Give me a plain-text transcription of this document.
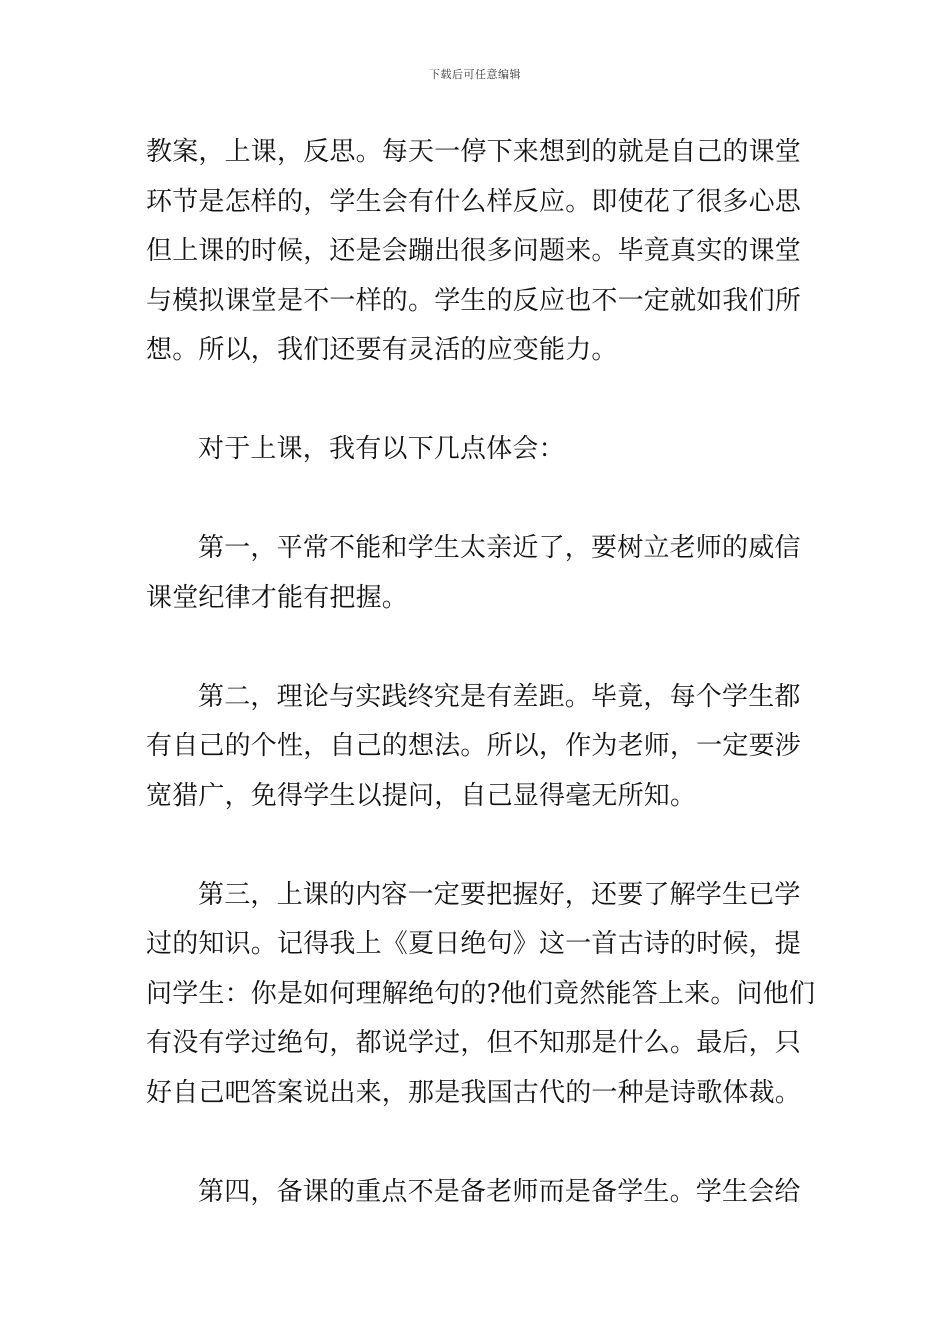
下载后可任意编辑
教案，上课，反思。每天一停下来想到的就是自己的课堂
环节是怎样的，学生会有什么样反应。即使花了很多心思
但上课的时候，还是会蹦出很多问题来。毕竟真实的课堂
与模拟课堂是不一样的。学生的反应也不一定就如我们所
想。所以，我们还要有灵活的应变能力。
对于上课，我有以下几点体会：
第一，平常不能和学生太亲近了，要树立老师的威信
课堂纪律才能有把握。
第二，理论与实践终究是有差距。毕竟，每个学生都
有自己的个性，自己的想法。所以，作为老师，一定要涉
宽猎广，免得学生以提问，自己显得毫无所知。
第三，上课的内容一定要把握好，还要了解学生已学
过的知识。记得我上《夏日绝句》这一首古诗的时候，提
问学生：你是如何理解绝句的?他们竟然能答上来。问他们
有没有学过绝句，都说学过，但不知那是什么。最后，只
好自己吧答案说出来，那是我国古代的一种是诗歌体裁。
第四，备课的重点不是备老师而是备学生。学生会给
